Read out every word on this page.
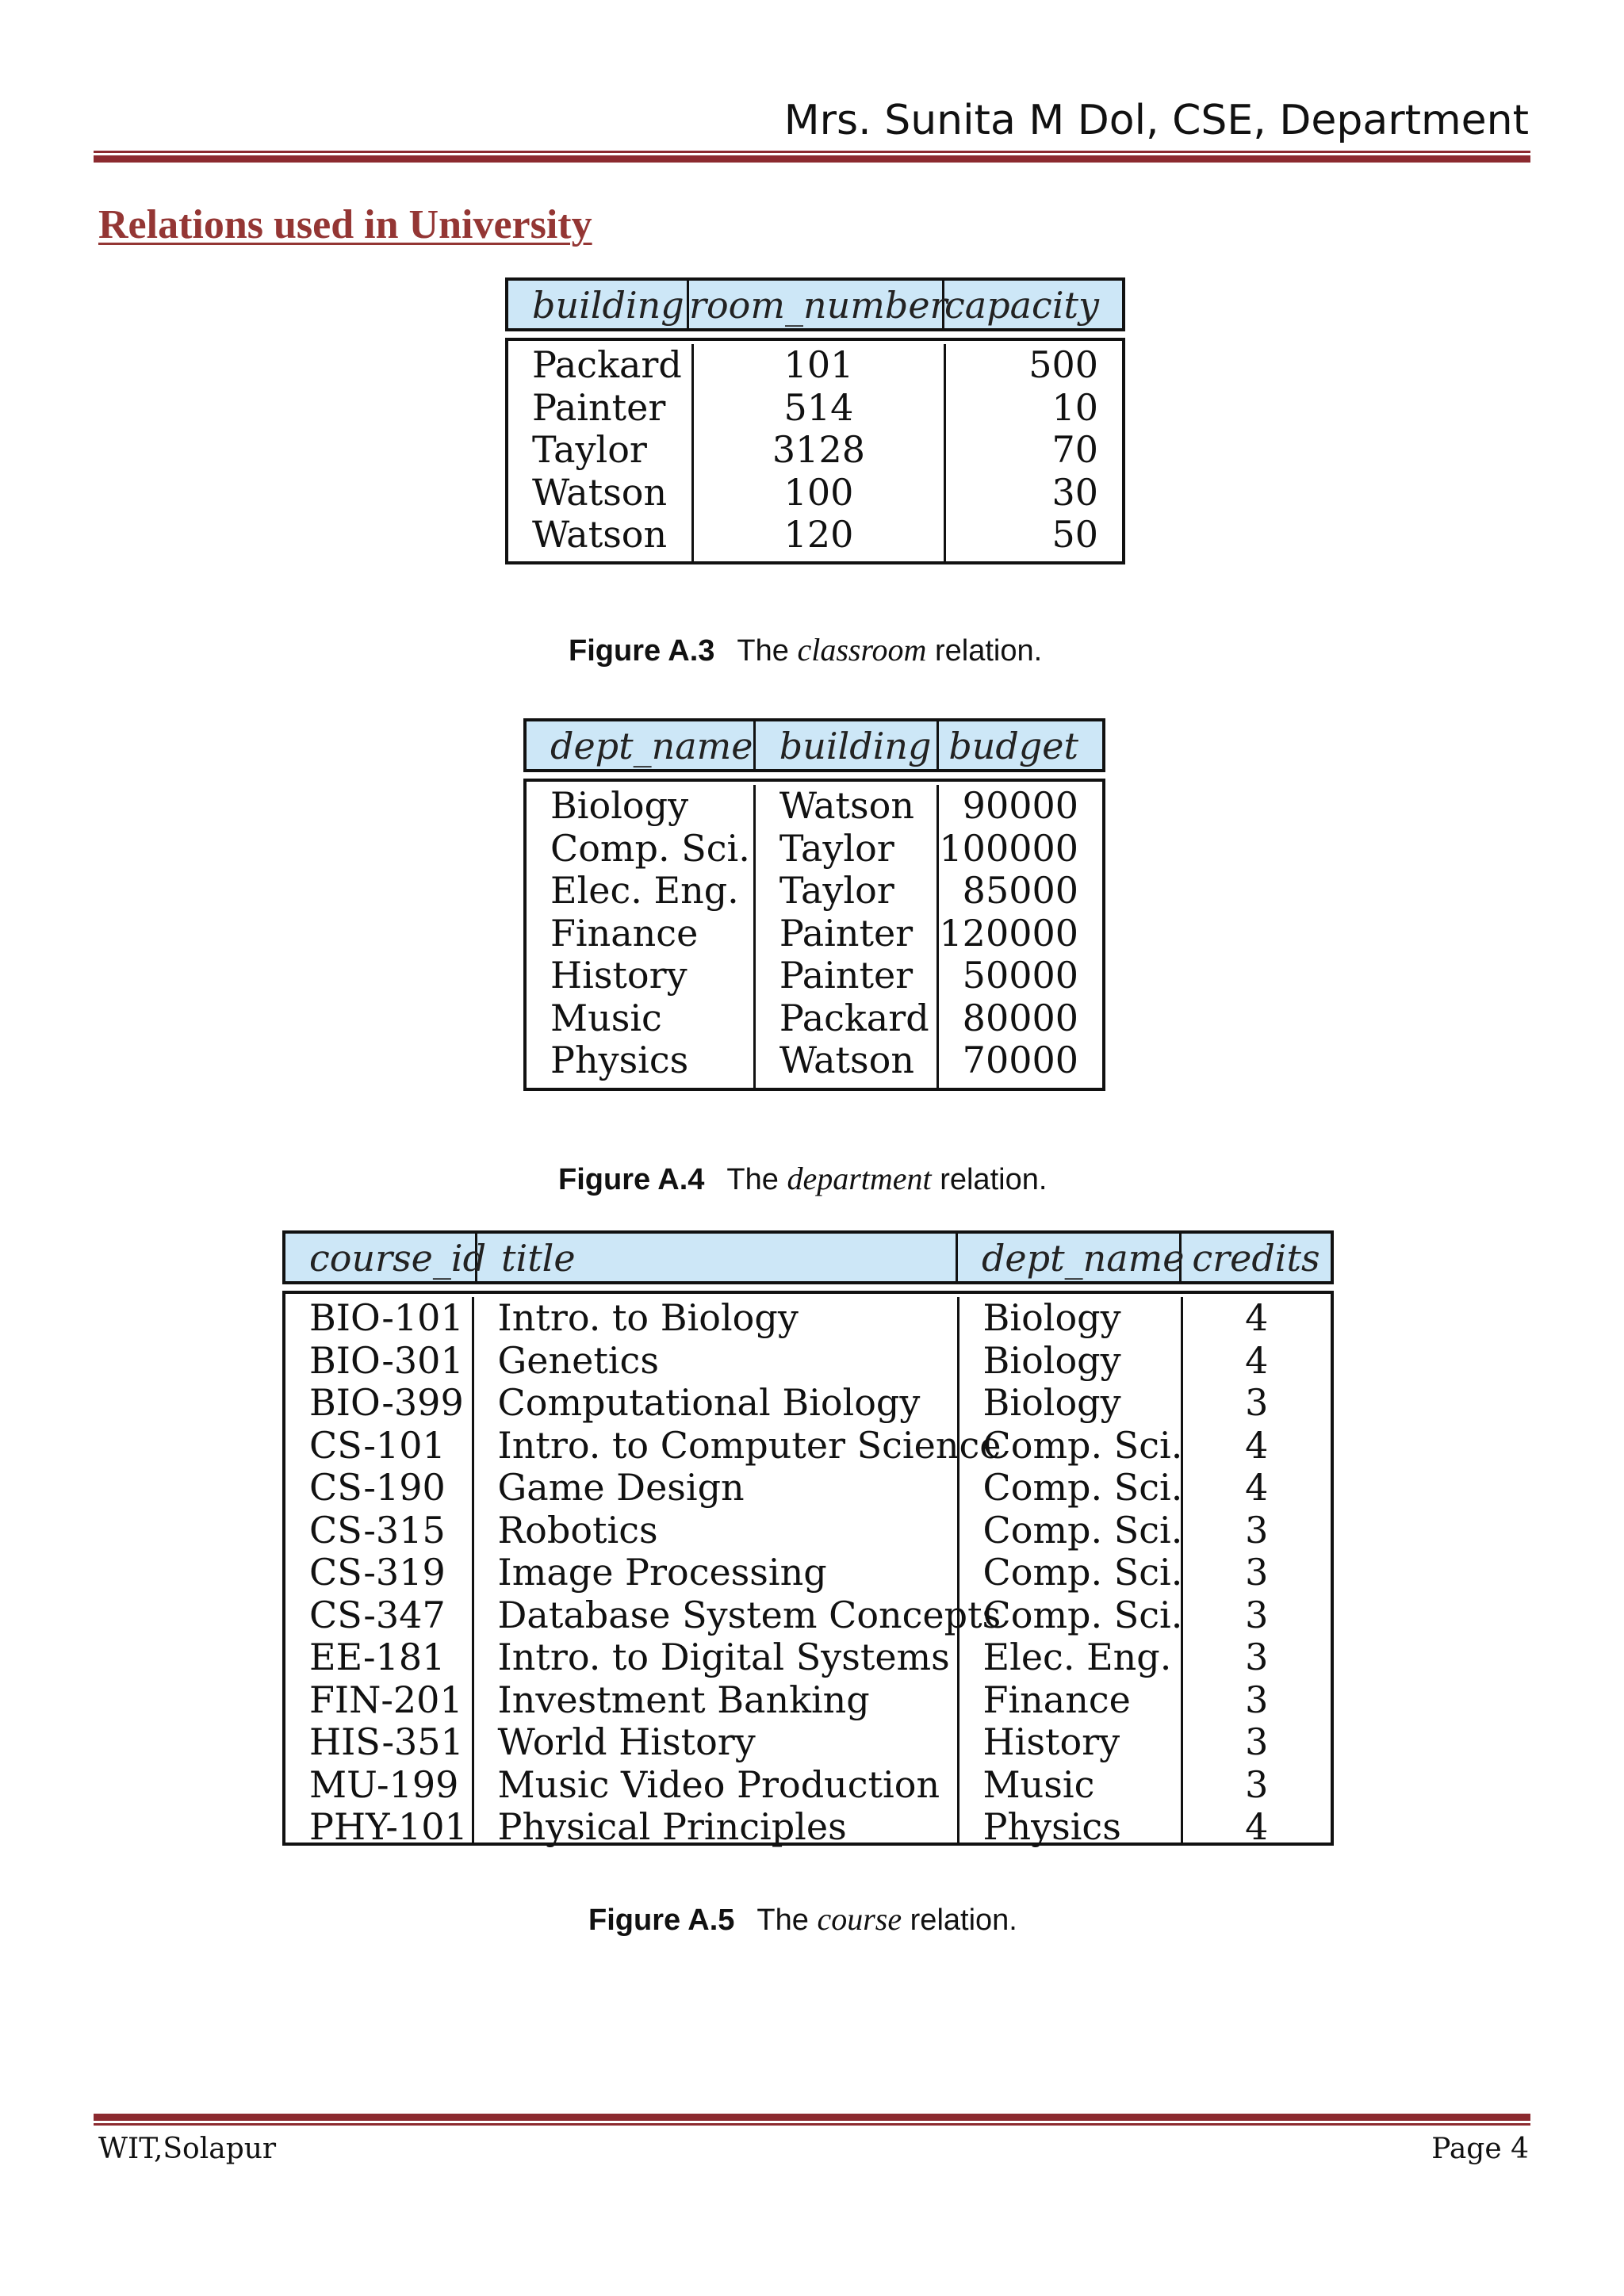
Mrs. Sunita M Dol, CSE, Department
Relations used in University
building room_number
capacity
Packard
Painter
Taylor
Watson
Watson
101
514
3128
100
120
500
10
70
30
50
Figure A.3 The classroom relation.
dept_name building budget
Biology
Comp. Sci.
Elec. Eng.
Finance
History
Music
Physics
Watson
Taylor
Taylor
Painter
Painter
Packard
Watson
90000
100000
85000
120000
50000
80000
70000
Figure A.4 The department relation.
course_id title	dept_name credits
BIO-101
BIO-301
BIO-399
CS-101
CS-190
CS-315
CS-319
CS-347
EE-181
FIN-201
HIS-351
MU-199
PHY-101
Intro. to Biology
Genetics
Computational Biology
Intro. to Computer Science
Game Design
Robotics
Image Processing
Database System Concepts
Intro. to Digital Systems
Investment Banking
World History
Music Video Production
Physical Principles
Biology
Biology
Biology
Comp. Sci.
Comp. Sci.
Comp. Sci.
Comp. Sci.
Comp. Sci.
Elec. Eng.
Finance
History
Music
Physics
4
4
3
4
4
3
3
3
3
3
3
3
4
Figure A.5 The course relation.
WIT,Solapur	Page 4
